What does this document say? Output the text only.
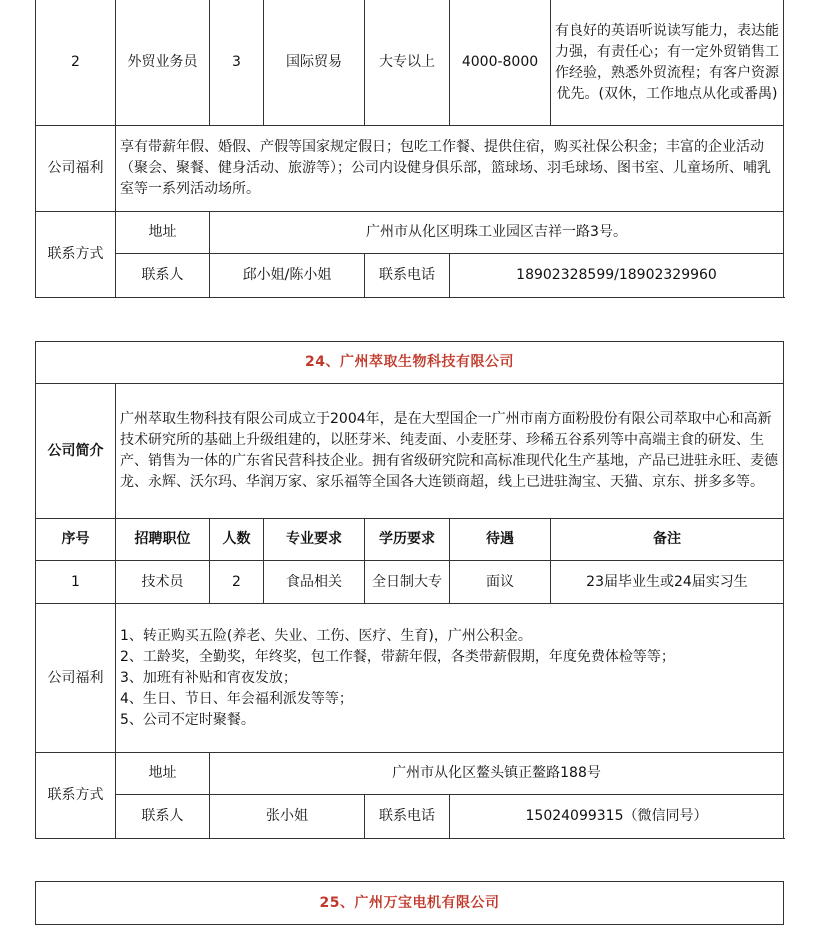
2	外贸业务员	3	国际贸易	大专以上	4000-8000	有良好的英语听说读写能力，表达能力强，有责任心；有一定外贸销售工作经验，熟悉外贸流程；有客户资源优先。(双休，工作地点从化或番禺)
公司福利	享有带薪年假、婚假、产假等国家规定假日；包吃工作餐、提供住宿，购买社保公积金；丰富的企业活动（聚会、聚餐、健身活动、旅游等）；公司内设健身俱乐部，篮球场、羽毛球场、图书室、儿童场所、哺乳室等一系列活动场所。					
联系方式	地址	广州市从化区明珠工业园区吉祥一路3号。				
	联系人	邱小姐/陈小姐		联系电话	18902328599/18902329960	
24、广州萃取生物科技有限公司						
公司简介	广州萃取生物科技有限公司成立于2004年，是在大型国企一广州市南方面粉股份有限公司萃取中心和高新技术研究所的基础上升级组建的，以胚芽米、纯麦面、小麦胚芽、珍稀五谷系列等中高端主食的研发、生产、销售为一体的广东省民营科技企业。拥有省级研究院和高标准现代化生产基地，产品已进驻永旺、麦德龙、永辉、沃尔玛、华润万家、家乐福等全国各大连锁商超，线上已进驻淘宝、天猫、京东、拼多多等。					
序号	招聘职位	人数	专业要求	学历要求	待遇	备注
1	技术员	2	食品相关	全日制大专	面议	23届毕业生或24届实习生
公司福利	1、转正购买五险(养老、失业、工伤、医疗、生育)，广州公积金。
2、工龄奖，全勤奖，年终奖，包工作餐，带薪年假，各类带薪假期，年度免费体检等等；
3、加班有补贴和宵夜发放；
4、生日、节日、年会福利派发等等；
5、公司不定时聚餐。					
联系方式	地址	广州市从化区鳌头镇正鳌路188号				
	联系人	张小姐		联系电话	15024099315（微信同号）	
25、广州万宝电机有限公司
